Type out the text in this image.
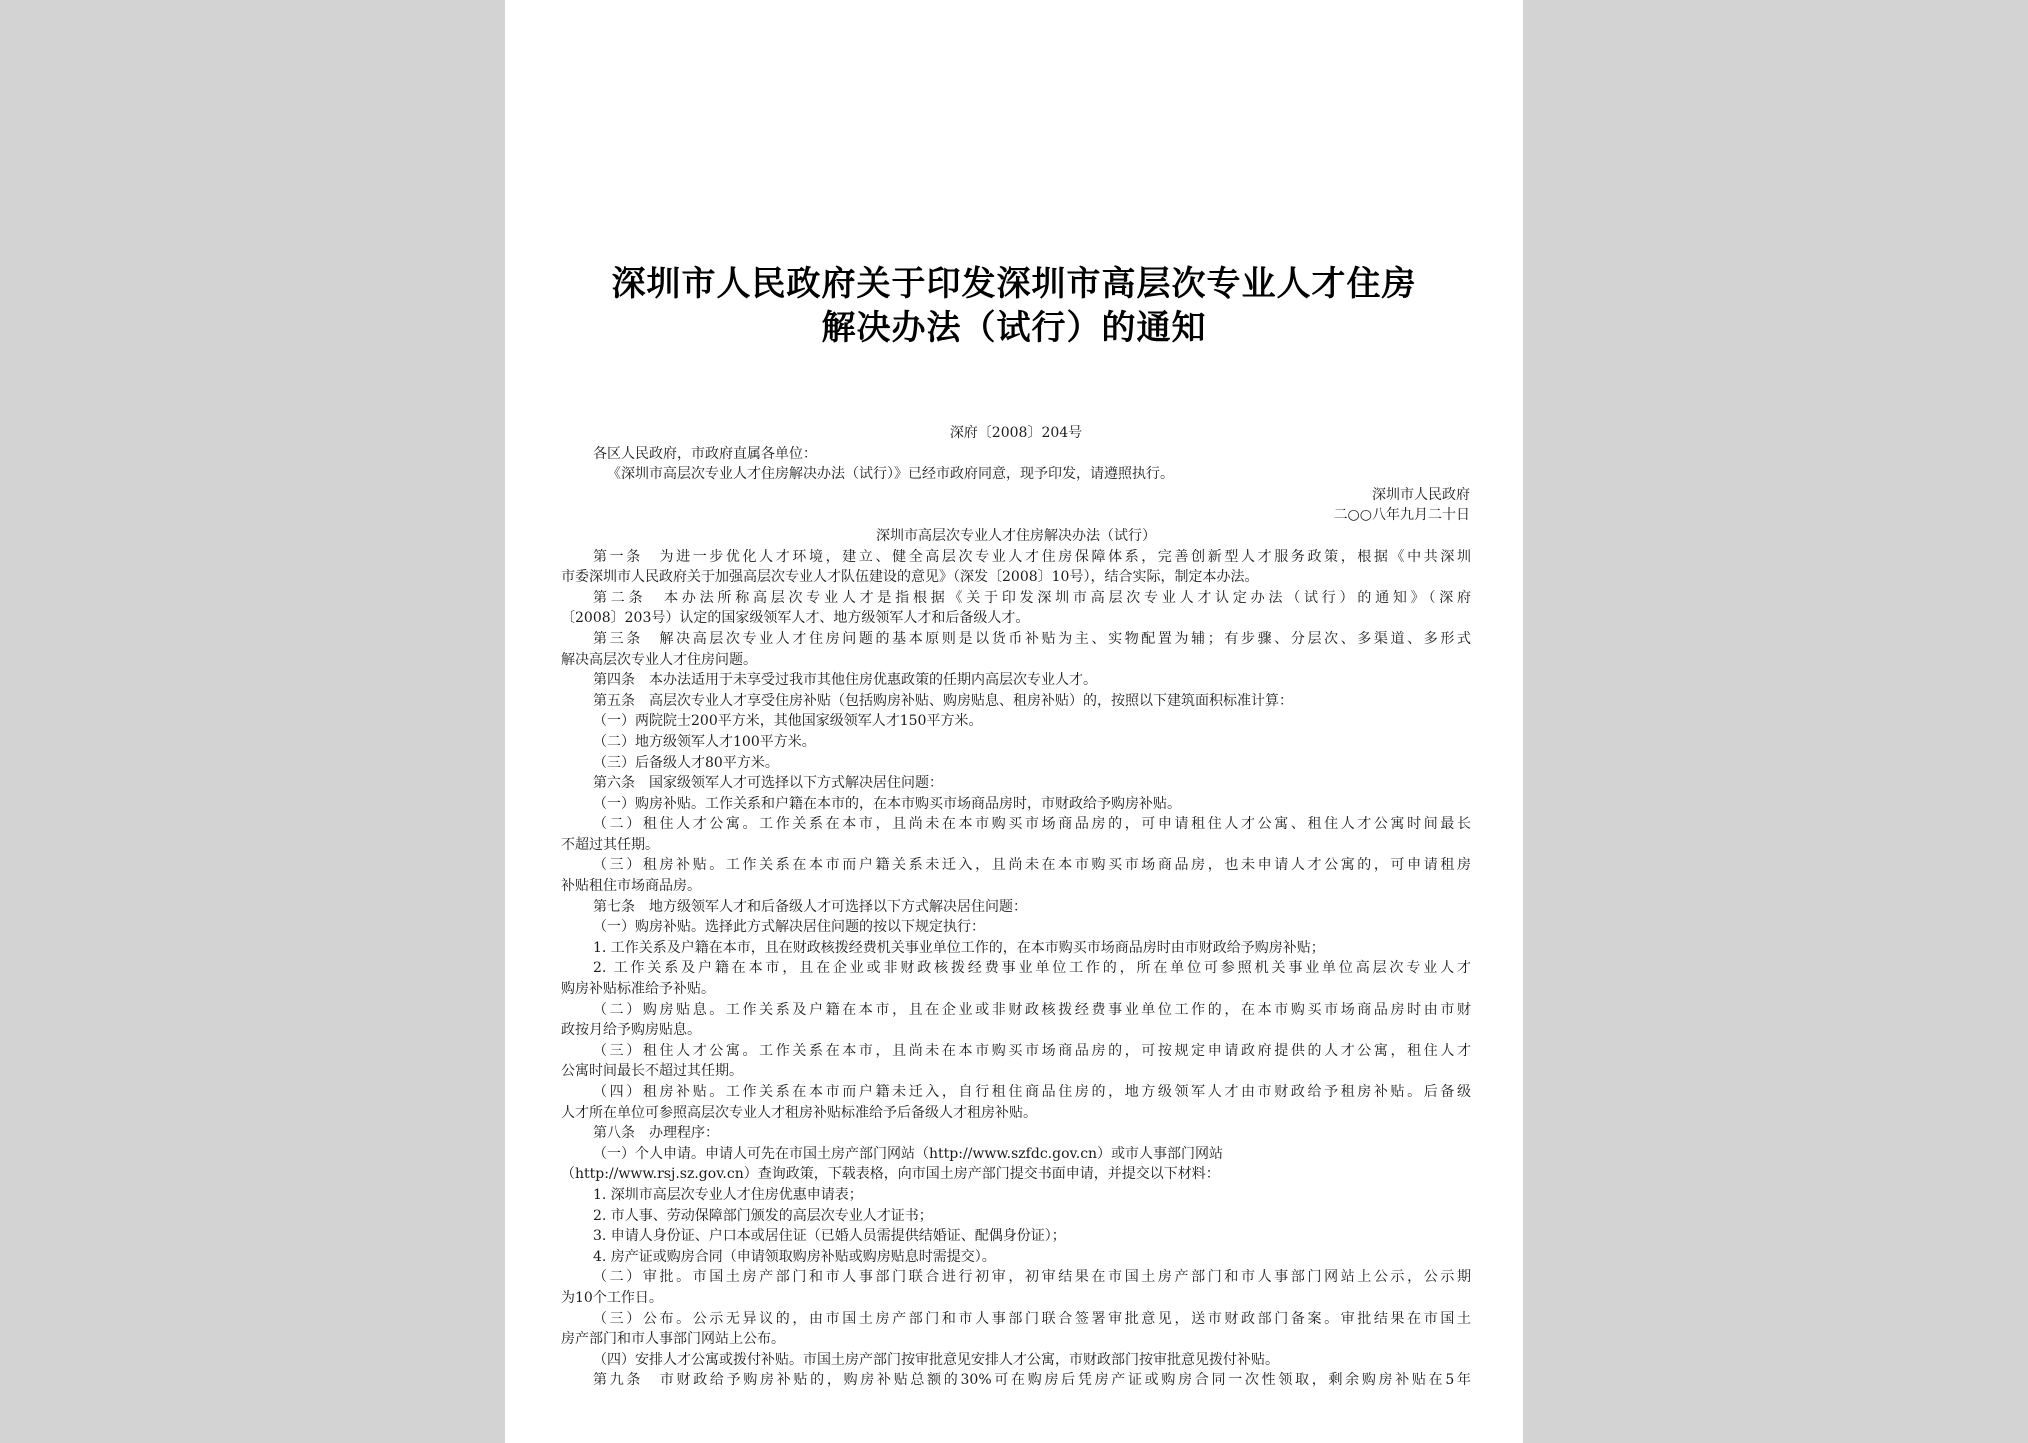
深圳市人民政府关于印发深圳市高层次专业人才住房
解决办法（试行）的通知
深府〔2008〕204号
各区人民政府，市政府直属各单位：
《深圳市高层次专业人才住房解决办法（试行）》已经市政府同意，现予印发，请遵照执行。
深圳市人民政府
二○○八年九月二十日
深圳市高层次专业人才住房解决办法（试行）
第一条　为进一步优化人才环境，建立、健全高层次专业人才住房保障体系，完善创新型人才服务政策，根据《中共深圳
市委深圳市人民政府关于加强高层次专业人才队伍建设的意见》（深发〔2008〕10号），结合实际，制定本办法。
第二条　本办法所称高层次专业人才是指根据《关于印发深圳市高层次专业人才认定办法（试行）的通知》（深府
〔2008〕203号）认定的国家级领军人才、地方级领军人才和后备级人才。
第三条　解决高层次专业人才住房问题的基本原则是以货币补贴为主、实物配置为辅；有步骤、分层次、多渠道、多形式
解决高层次专业人才住房问题。
第四条　本办法适用于未享受过我市其他住房优惠政策的任期内高层次专业人才。
第五条　高层次专业人才享受住房补贴（包括购房补贴、购房贴息、租房补贴）的，按照以下建筑面积标准计算：
（一）两院院士200平方米，其他国家级领军人才150平方米。
（二）地方级领军人才100平方米。
（三）后备级人才80平方米。
第六条　国家级领军人才可选择以下方式解决居住问题：
（一）购房补贴。工作关系和户籍在本市的，在本市购买市场商品房时，市财政给予购房补贴。
（二）租住人才公寓。工作关系在本市，且尚未在本市购买市场商品房的，可申请租住人才公寓、租住人才公寓时间最长
不超过其任期。
（三）租房补贴。工作关系在本市而户籍关系未迁入，且尚未在本市购买市场商品房，也未申请人才公寓的，可申请租房
补贴租住市场商品房。
第七条　地方级领军人才和后备级人才可选择以下方式解决居住问题：
（一）购房补贴。选择此方式解决居住问题的按以下规定执行：
1. 工作关系及户籍在本市，且在财政核拨经费机关事业单位工作的，在本市购买市场商品房时由市财政给予购房补贴；
2. 工作关系及户籍在本市，且在企业或非财政核拨经费事业单位工作的，所在单位可参照机关事业单位高层次专业人才
购房补贴标准给予补贴。
（二）购房贴息。工作关系及户籍在本市，且在企业或非财政核拨经费事业单位工作的，在本市购买市场商品房时由市财
政按月给予购房贴息。
（三）租住人才公寓。工作关系在本市，且尚未在本市购买市场商品房的，可按规定申请政府提供的人才公寓，租住人才
公寓时间最长不超过其任期。
（四）租房补贴。工作关系在本市而户籍未迁入，自行租住商品住房的，地方级领军人才由市财政给予租房补贴。后备级
人才所在单位可参照高层次专业人才租房补贴标准给予后备级人才租房补贴。
第八条　办理程序：
（一）个人申请。申请人可先在市国土房产部门网站（http://www.szfdc.gov.cn）或市人事部门网站
（http://www.rsj.sz.gov.cn）查询政策，下载表格，向市国土房产部门提交书面申请，并提交以下材料：
1. 深圳市高层次专业人才住房优惠申请表；
2. 市人事、劳动保障部门颁发的高层次专业人才证书；
3. 申请人身份证、户口本或居住证（已婚人员需提供结婚证、配偶身份证）；
4. 房产证或购房合同（申请领取购房补贴或购房贴息时需提交）。
（二）审批。市国土房产部门和市人事部门联合进行初审，初审结果在市国土房产部门和市人事部门网站上公示，公示期
为10个工作日。
（三）公布。公示无异议的，由市国土房产部门和市人事部门联合签署审批意见，送市财政部门备案。审批结果在市国土
房产部门和市人事部门网站上公布。
（四）安排人才公寓或拨付补贴。市国土房产部门按审批意见安排人才公寓，市财政部门按审批意见拨付补贴。
第九条　市财政给予购房补贴的，购房补贴总额的30%可在购房后凭房产证或购房合同一次性领取，剩余购房补贴在5年
